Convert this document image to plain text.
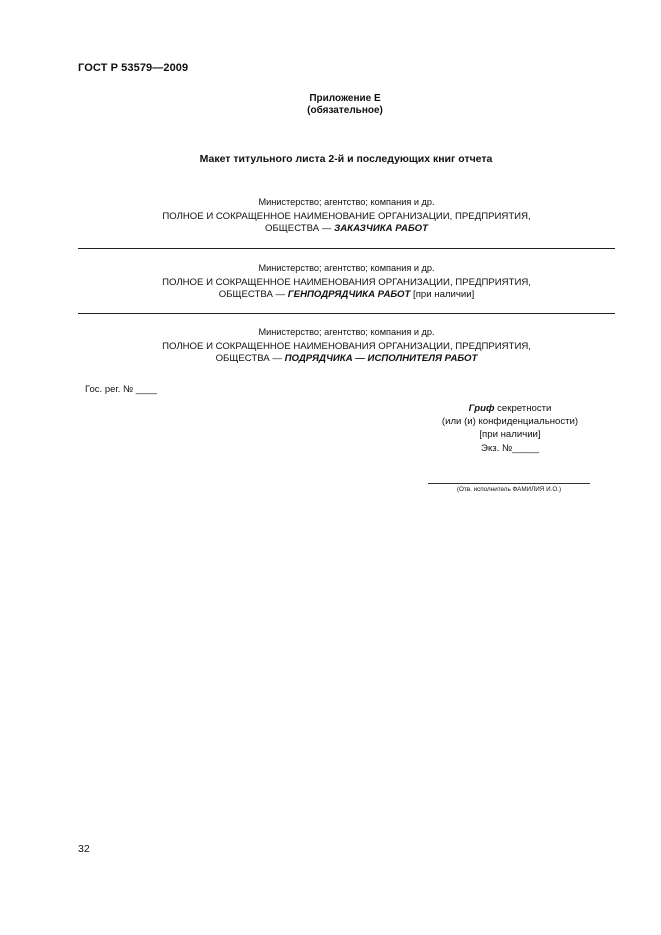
ГОСТ Р 53579—2009
Приложение Е
(обязательное)
Макет титульного листа 2-й и последующих книг отчета
Министерство; агентство; компания и др.
ПОЛНОЕ И СОКРАЩЕННОЕ НАИМЕНОВАНИЕ ОРГАНИЗАЦИИ, ПРЕДПРИЯТИЯ,
ОБЩЕСТВА — ЗАКАЗЧИКА РАБОТ
Министерство; агентство; компания и др.
ПОЛНОЕ И СОКРАЩЕННОЕ НАИМЕНОВАНИЯ ОРГАНИЗАЦИИ, ПРЕДПРИЯТИЯ,
ОБЩЕСТВА — ГЕНПОДРЯДЧИКА РАБОТ [при наличии]
Министерство; агентство; компания и др.
ПОЛНОЕ И СОКРАЩЕННОЕ НАИМЕНОВАНИЯ ОРГАНИЗАЦИИ, ПРЕДПРИЯТИЯ,
ОБЩЕСТВА — ПОДРЯДЧИКА — ИСПОЛНИТЕЛЯ РАБОТ
Гос. рег. № ____
Гриф секретности
(или (и) конфиденциальности)
[при наличии]
Экз. №_____
(Отв. исполнитель ФАМИЛИЯ И.О.)
32
